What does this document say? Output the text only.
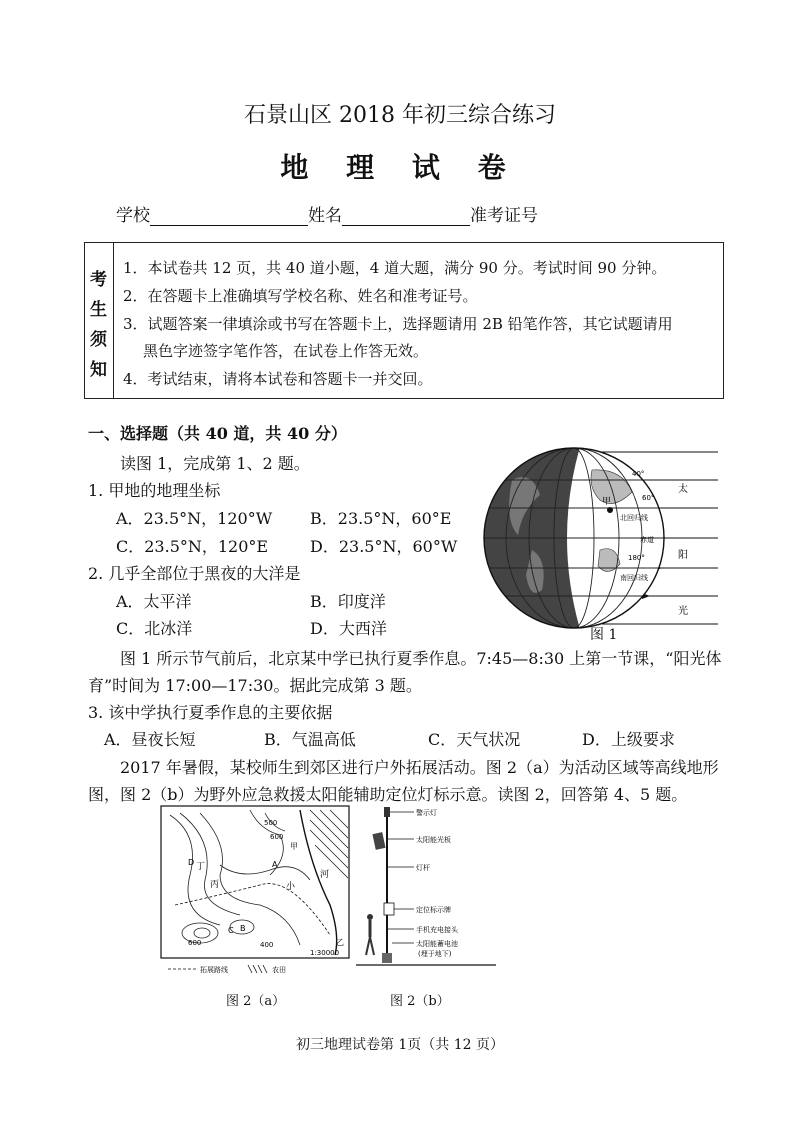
石景山区 2018 年初三综合练习
地 理 试 卷
学校	姓名	准考证号
考
生
须
知
1．本试卷共 12 页，共 40 道小题，4 道大题，满分 90 分。考试时间 90 分钟。
2．在答题卡上准确填写学校名称、姓名和准考证号。
3．试题答案一律填涂或书写在答题卡上，选择题请用 2B 铅笔作答，其它试题请用
黑色字迹签字笔作答，在试卷上作答无效。
4．考试结束，请将本试卷和答题卡一并交回。
一、选择题（共 40 道，共 40 分）
读图 1，完成第 1、2 题。
1. 甲地的地理坐标
A．23.5°N，120°W B．23.5°N，60°E
C．23.5°N，120°E	D．23.5°N，60°W
2. 几乎全部位于黑夜的大洋是
A．太平洋	B．印度洋
C．北冰洋	D．大西洋
甲
北回归线
赤道
南回归线
40°
60°
180°
太
阳
光
图 1
图 1 所示节气前后，北京某中学已执行夏季作息。7:45—8:30 上第一节课，“阳光体
育”时间为 17:00—17:30。据此完成第 3 题。
3. 该中学执行夏季作息的主要依据
A．昼夜长短	B．气温高低	C．天气状况	D．上级要求
2017 年暑假，某校师生到郊区进行户外拓展活动。图 2（a）为活动区域等高线地形
图，图 2（b）为野外应急救援太阳能辅助定位灯标示意。读图 2，回答第 4、5 题。
500
600
400
600
B
C
D	A
甲
乙
丙
丁
河
小
1:30000
拓展路线	农田
图 2（a）
警示灯
太阳能光板
灯杆
定位标示牌
手机充电接头
太阳能蓄电池
(埋于地下)
图 2（b）
初三地理试卷第 1页（共 12 页）
